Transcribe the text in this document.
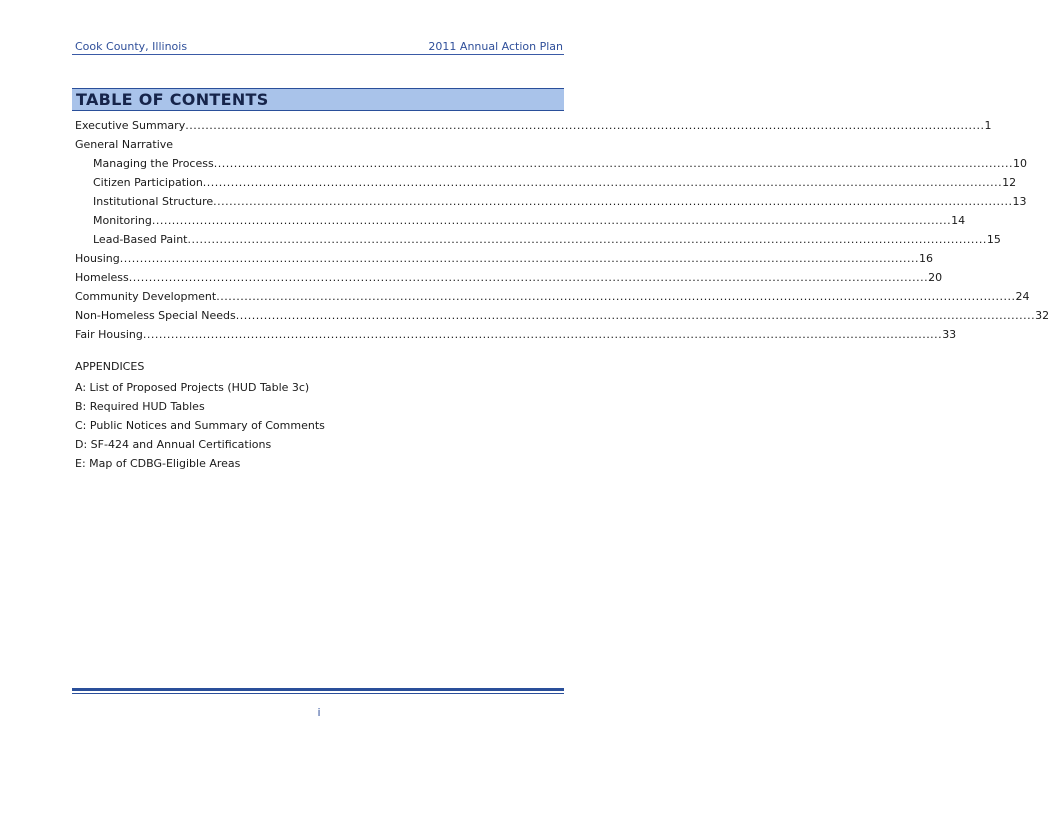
Cook County, Illinois	2011 Annual Action Plan
TABLE OF CONTENTS
Executive Summary ........................................................................................................................................................................................................ 1
General Narrative
Managing the Process ........................................................................................................................................................................................................ 10
Citizen Participation ........................................................................................................................................................................................................ 12
Institutional Structure ........................................................................................................................................................................................................ 13
Monitoring ........................................................................................................................................................................................................ 14
Lead-Based Paint ........................................................................................................................................................................................................ 15
Housing ........................................................................................................................................................................................................ 16
Homeless ........................................................................................................................................................................................................ 20
Community Development ........................................................................................................................................................................................................ 24
Non-Homeless Special Needs ........................................................................................................................................................................................................ 32
Fair Housing ........................................................................................................................................................................................................ 33
APPENDICES
A: List of Proposed Projects (HUD Table 3c)
B: Required HUD Tables
C: Public Notices and Summary of Comments
D: SF-424 and Annual Certifications
E: Map of CDBG-Eligible Areas
i
